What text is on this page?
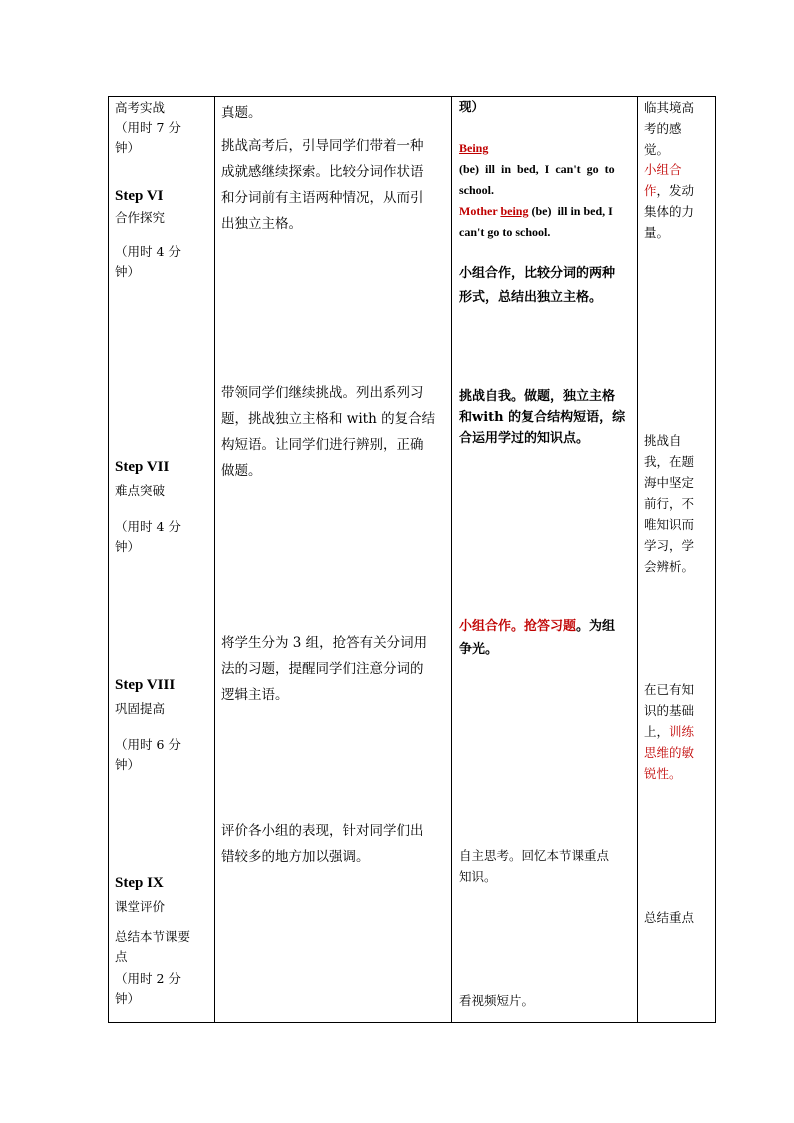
高考实战
（用时 7 分
钟）
Step VI
合作探究
（用时 4 分
钟）
Step VII
难点突破
（用时 4 分
钟）
Step VIII
巩固提高
（用时 6 分
钟）
Step IX
课堂评价
总结本节课要
点
（用时 2 分
钟）
真题。
挑战高考后，引导同学们带着一种
成就感继续探索。比较分词作状语
和分词前有主语两种情况，从而引
出独立主格。
带领同学们继续挑战。列出系列习
题，挑战独立主格和 with 的复合结
构短语。让同学们进行辨别，正确
做题。
将学生分为 3 组，抢答有关分词用
法的习题，提醒同学们注意分词的
逻辑主语。
评价各小组的表现，针对同学们出
错较多的地方加以强调。
现）
Being
(be)  ill  in  bed,  I  can't  go  to
school.
Mother being (be)  ill in bed, I
can't go to school.
小组合作，比较分词的两种
形式，总结出独立主格。
挑战自我。做题，独立主格
和with 的复合结构短语，综
合运用学过的知识点。
小组合作。抢答习题。为组
争光。
自主思考。回忆本节课重点
知识。
看视频短片。
临其境高
考的感
觉。
小组合
作，发动
集体的力
量。
挑战自
我，在题
海中坚定
前行，不
唯知识而
学习，学
会辨析。
在已有知
识的基础
上，训练
思维的敏
锐性。
总结重点
